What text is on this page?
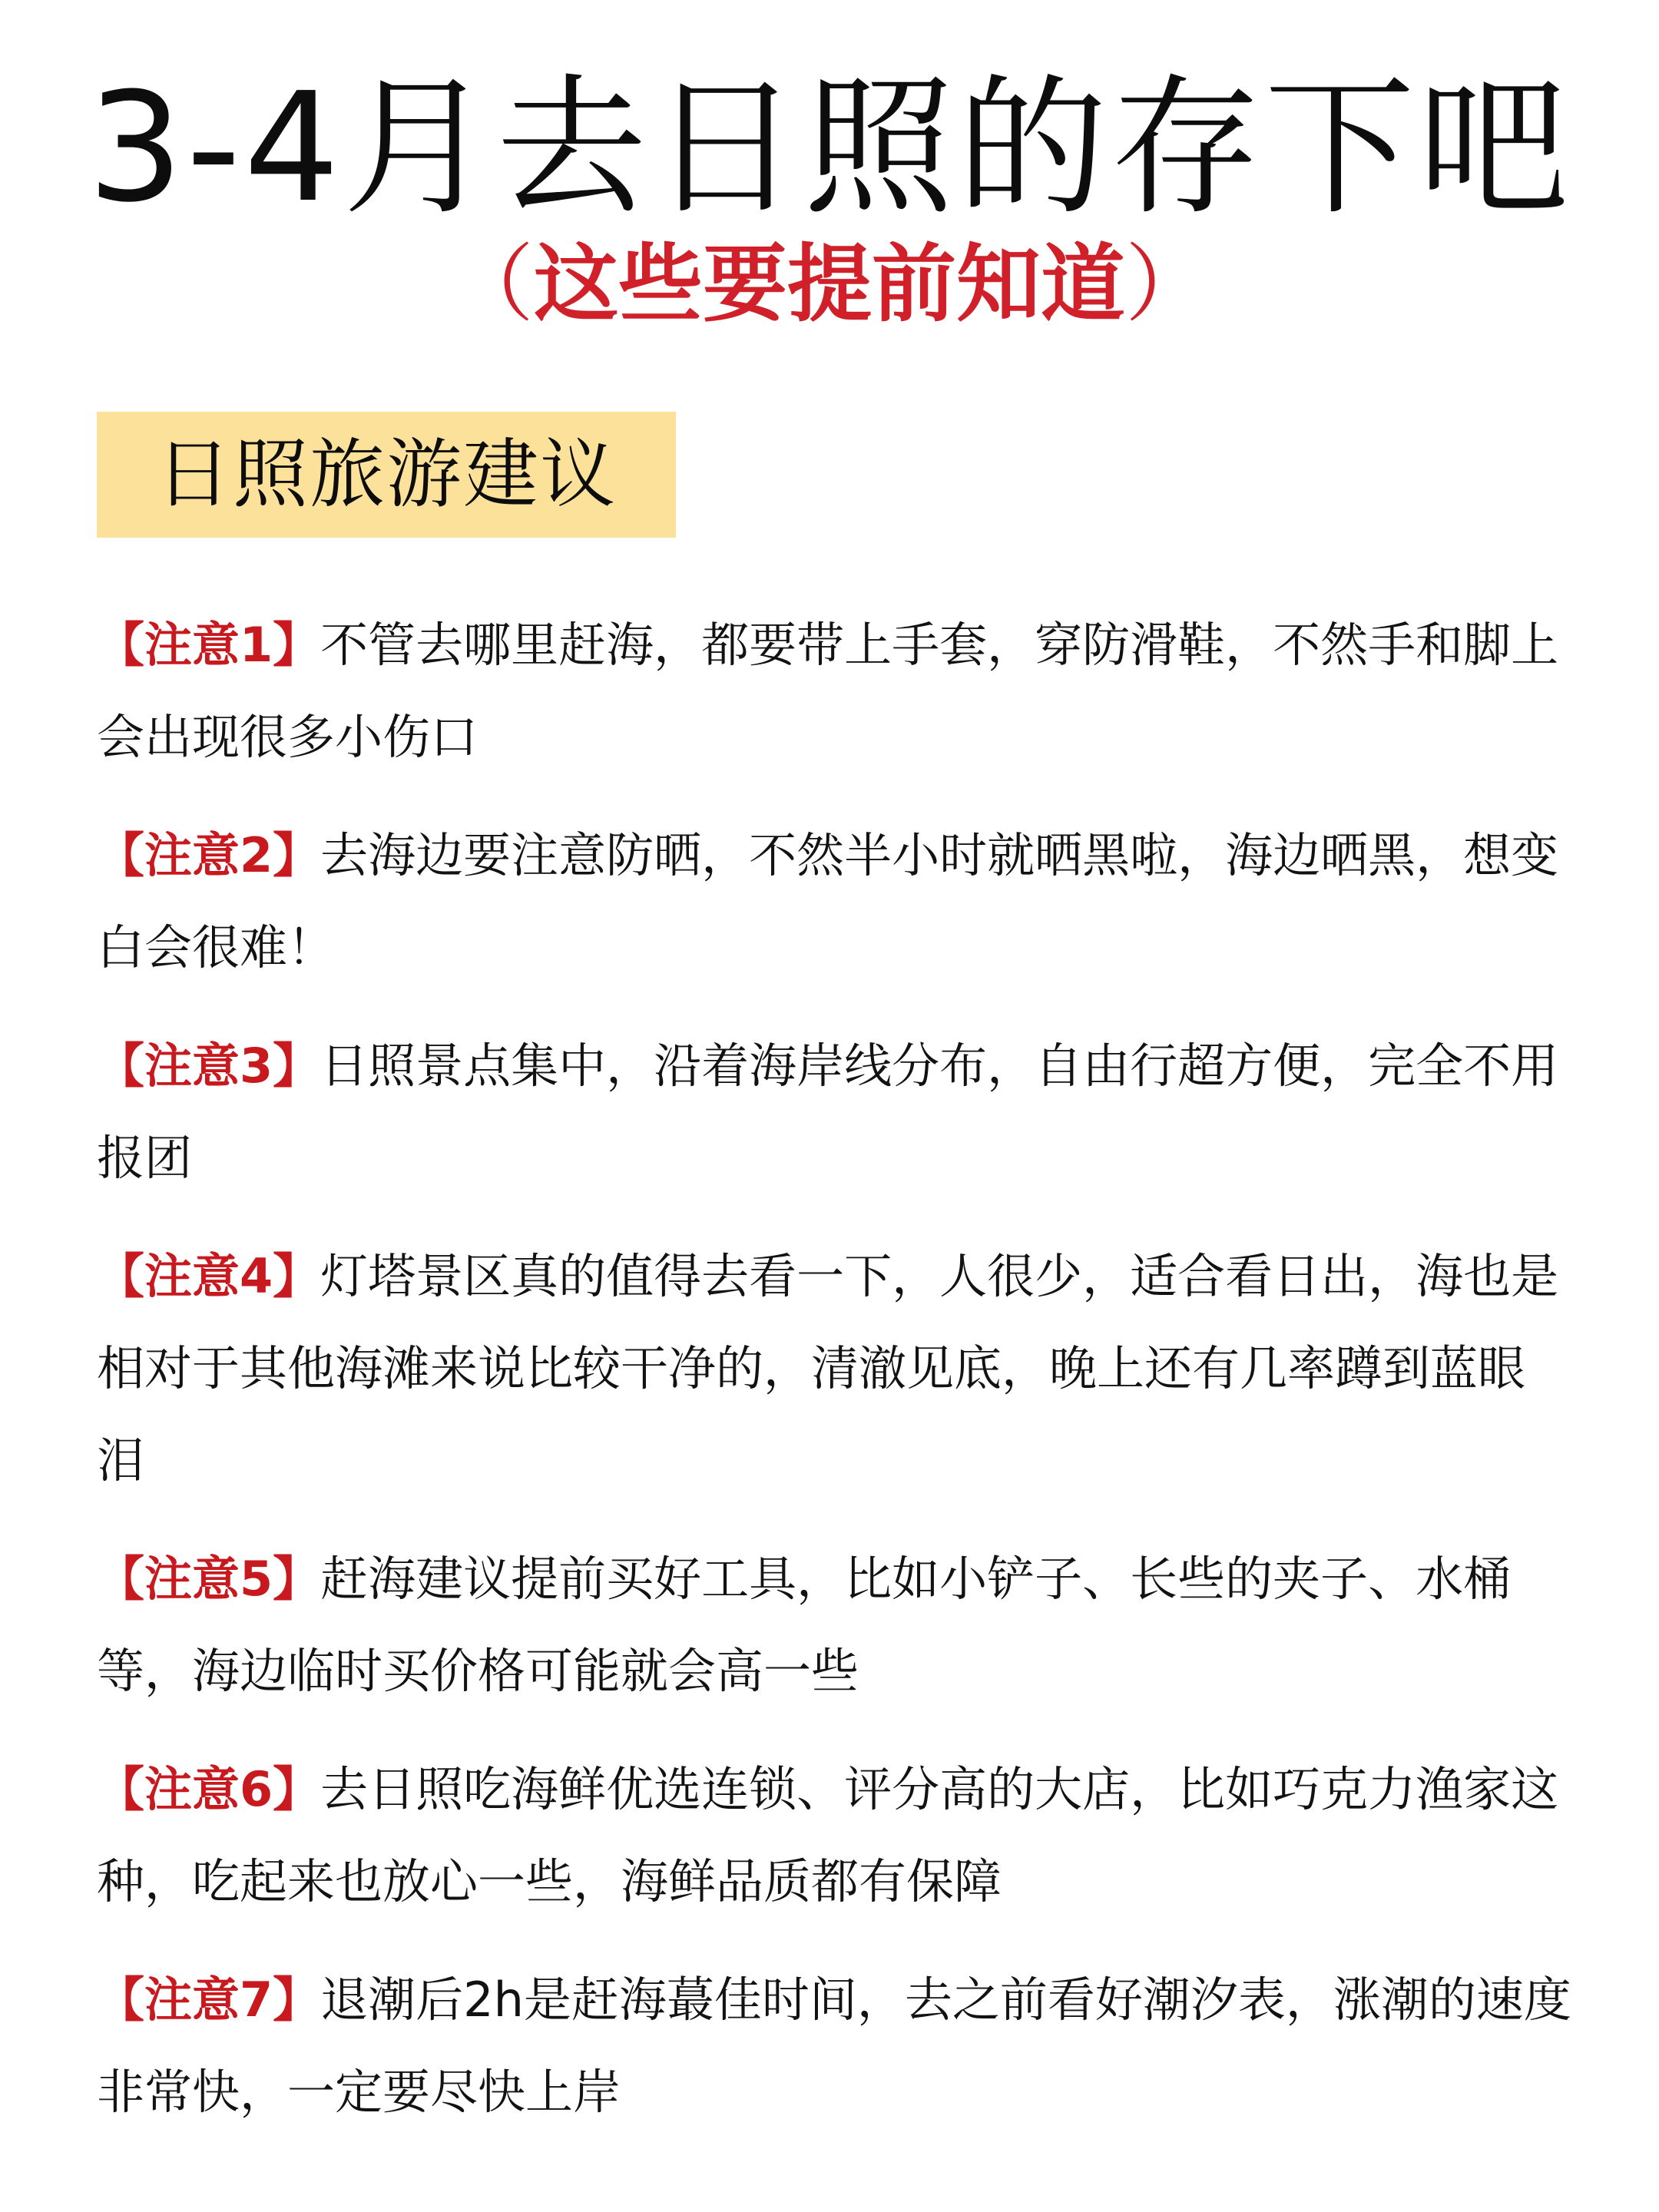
3-4月去日照的存下吧
（这些要提前知道）
日照旅游建议
【注意1】不管去哪里赶海，都要带上手套，穿防滑鞋，不然手和脚上会出现很多小伤口
【注意2】去海边要注意防晒，不然半小时就晒黑啦，海边晒黑，想变白会很难！
【注意3】日照景点集中，沿着海岸线分布，自由行超方便，完全不用报团
【注意4】灯塔景区真的值得去看一下，人很少，适合看日出，海也是相对于其他海滩来说比较干净的，清澈见底，晚上还有几率蹲到蓝眼泪
【注意5】赶海建议提前买好工具，比如小铲子、长些的夹子、水桶等，海边临时买价格可能就会高一些
【注意6】去日照吃海鲜优选连锁、评分高的大店，比如巧克力渔家这种，吃起来也放心一些，海鲜品质都有保障
【注意7】退潮后2h是赶海蕞佳时间，去之前看好潮汐表，涨潮的速度非常快，一定要尽快上岸
